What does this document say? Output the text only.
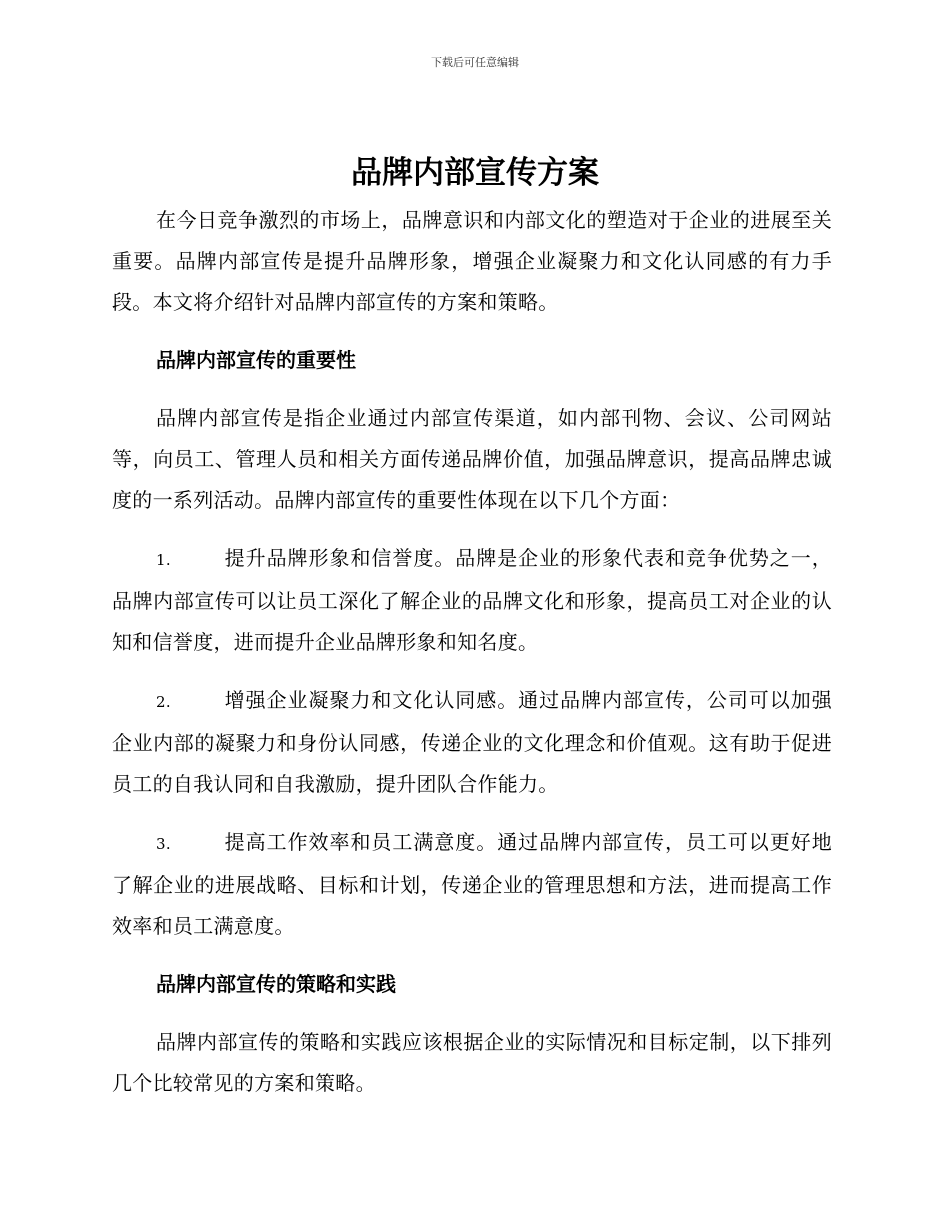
下载后可任意编辑
品牌内部宣传方案

在今日竞争激烈的市场上，品牌意识和内部文化的塑造对于企业的进展至关重要。品牌内部宣传是提升品牌形象，增强企业凝聚力和文化认同感的有力手段。本文将介绍针对品牌内部宣传的方案和策略。

品牌内部宣传的重要性

品牌内部宣传是指企业通过内部宣传渠道，如内部刊物、会议、公司网站等，向员工、管理人员和相关方面传递品牌价值，加强品牌意识，提高品牌忠诚度的一系列活动。品牌内部宣传的重要性体现在以下几个方面：

1.	提升品牌形象和信誉度。品牌是企业的形象代表和竞争优势之一，品牌内部宣传可以让员工深化了解企业的品牌文化和形象，提高员工对企业的认知和信誉度，进而提升企业品牌形象和知名度。

2.	增强企业凝聚力和文化认同感。通过品牌内部宣传，公司可以加强企业内部的凝聚力和身份认同感，传递企业的文化理念和价值观。这有助于促进员工的自我认同和自我激励，提升团队合作能力。

3.	提高工作效率和员工满意度。通过品牌内部宣传，员工可以更好地了解企业的进展战略、目标和计划，传递企业的管理思想和方法，进而提高工作效率和员工满意度。

品牌内部宣传的策略和实践

品牌内部宣传的策略和实践应该根据企业的实际情况和目标定制，以下排列几个比较常见的方案和策略。
